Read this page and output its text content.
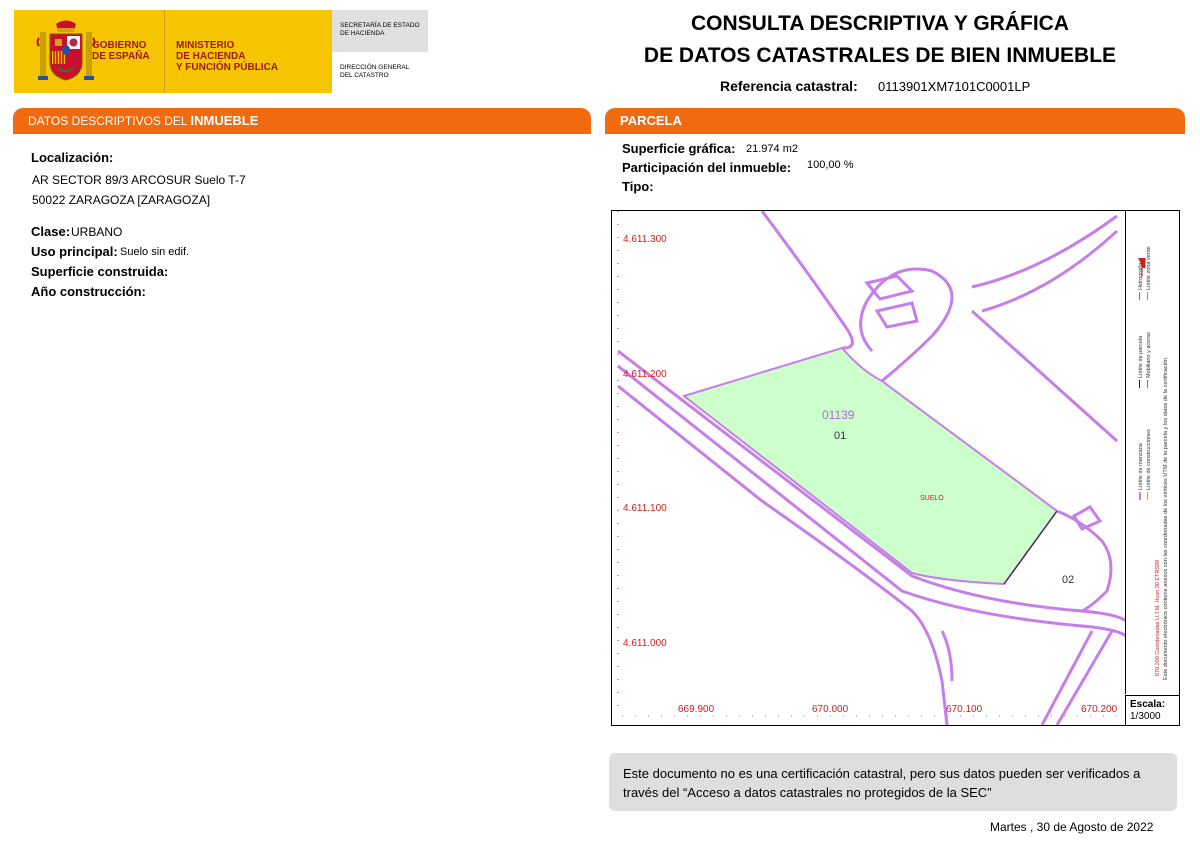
GOBIERNO
DE ESPAÑA
MINISTERIO
DE HACIENDA
Y FUNCIÓN PÚBLICA
SECRETARÍA DE ESTADO
DE HACIENDA
DIRECCIÓN GENERAL
DEL CATASTRO
CONSULTA DESCRIPTIVA Y GRÁFICA
DE DATOS CATASTRALES DE BIEN INMUEBLE
Referencia catastral: 0113901XM7101C0001LP
DATOS DESCRIPTIVOS DEL INMUEBLE
Localización:
AR SECTOR 89/3 ARCOSUR Suelo T-7
50022 ZARAGOZA [ZARAGOZA]
Clase: URBANO
Uso principal: Suelo sin edif.
Superficie construida:
Año construcción:
PARCELA
Superficie gráfica: 21.974 m2
Participación del inmueble: 100,00 %
Tipo:
4.611.300
4.611.200
4.611.100
4.611.000
669.900	670.000	670.100	670.200
01139
01
02
SUELO
Límite de manzana
Límite de parcela
Hidrografía
Límite de construcciones
Mobiliario y aceras
Límite zona verde
670,200 Coordenadas U.T.M. Huso 30 ETRS89 Este documento electrónico contiene anexos con las coordenadas de los vértices UTM de la parcela y los datos de la certificación.
Escala:
1/3000
Este documento no es una certificación catastral, pero sus datos pueden ser verificados a través del “Acceso a datos catastrales no protegidos de la SEC”
Martes , 30 de Agosto de 2022
